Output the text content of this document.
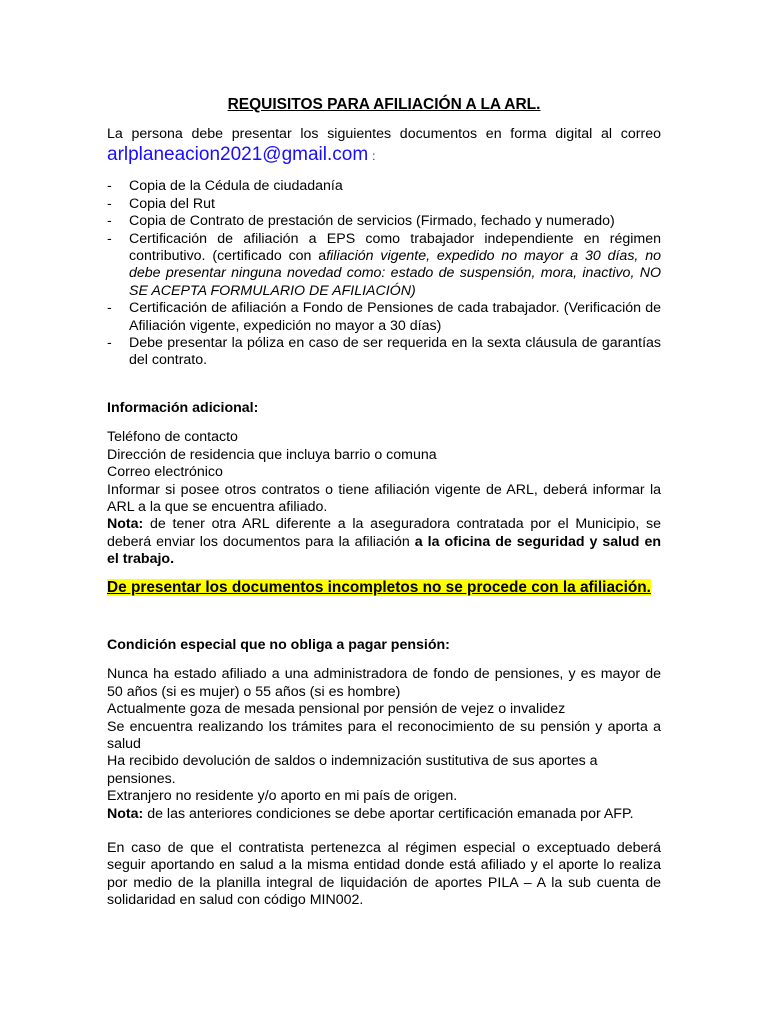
REQUISITOS PARA AFILIACIÓN A LA ARL.

La persona debe presentar los siguientes documentos en forma digital al correo

arlplaneacion2021@gmail.com :

- Copia de la Cédula de ciudadanía
- Copia del Rut
- Copia de Contrato de prestación de servicios (Firmado, fechado y numerado)
- Certificación de afiliación a EPS como trabajador independiente en régimen contributivo. (certificado con afiliación vigente, expedido no mayor a 30 días, no debe presentar ninguna novedad como: estado de suspensión, mora, inactivo, NO SE ACEPTA FORMULARIO DE AFILIACIÓN)
- Certificación de afiliación a Fondo de Pensiones de cada trabajador. (Verificación de Afiliación vigente, expedición no mayor a 30 días)
- Debe presentar la póliza en caso de ser requerida en la sexta cláusula de garantías del contrato.
Información adicional:

Teléfono de contacto

Dirección de residencia que incluya barrio o comuna

Correo electrónico

Informar si posee otros contratos o tiene afiliación vigente de ARL, deberá informar la ARL a la que se encuentra afiliado.

Nota: de tener otra ARL diferente a la aseguradora contratada por el Municipio, se deberá enviar los documentos para la afiliación a la oficina de seguridad y salud en el trabajo.

De presentar los documentos incompletos no se procede con la afiliación.
Condición especial que no obliga a pagar pensión:

Nunca ha estado afiliado a una administradora de fondo de pensiones, y es mayor de 50 años (si es mujer) o 55 años (si es hombre)

Actualmente goza de mesada pensional por pensión de vejez o invalidez

Se encuentra realizando los trámites para el reconocimiento de su pensión y aporta a salud

Ha recibido devolución de saldos o indemnización sustitutiva de sus aportes a pensiones.

Extranjero no residente y/o aporto en mi país de origen.

Nota: de las anteriores condiciones se debe aportar certificación emanada por AFP.

En caso de que el contratista pertenezca al régimen especial o exceptuado deberá seguir aportando en salud a la misma entidad donde está afiliado y el aporte lo realiza por medio de la planilla integral de liquidación de aportes PILA – A la sub cuenta de solidaridad en salud con código MIN002.
